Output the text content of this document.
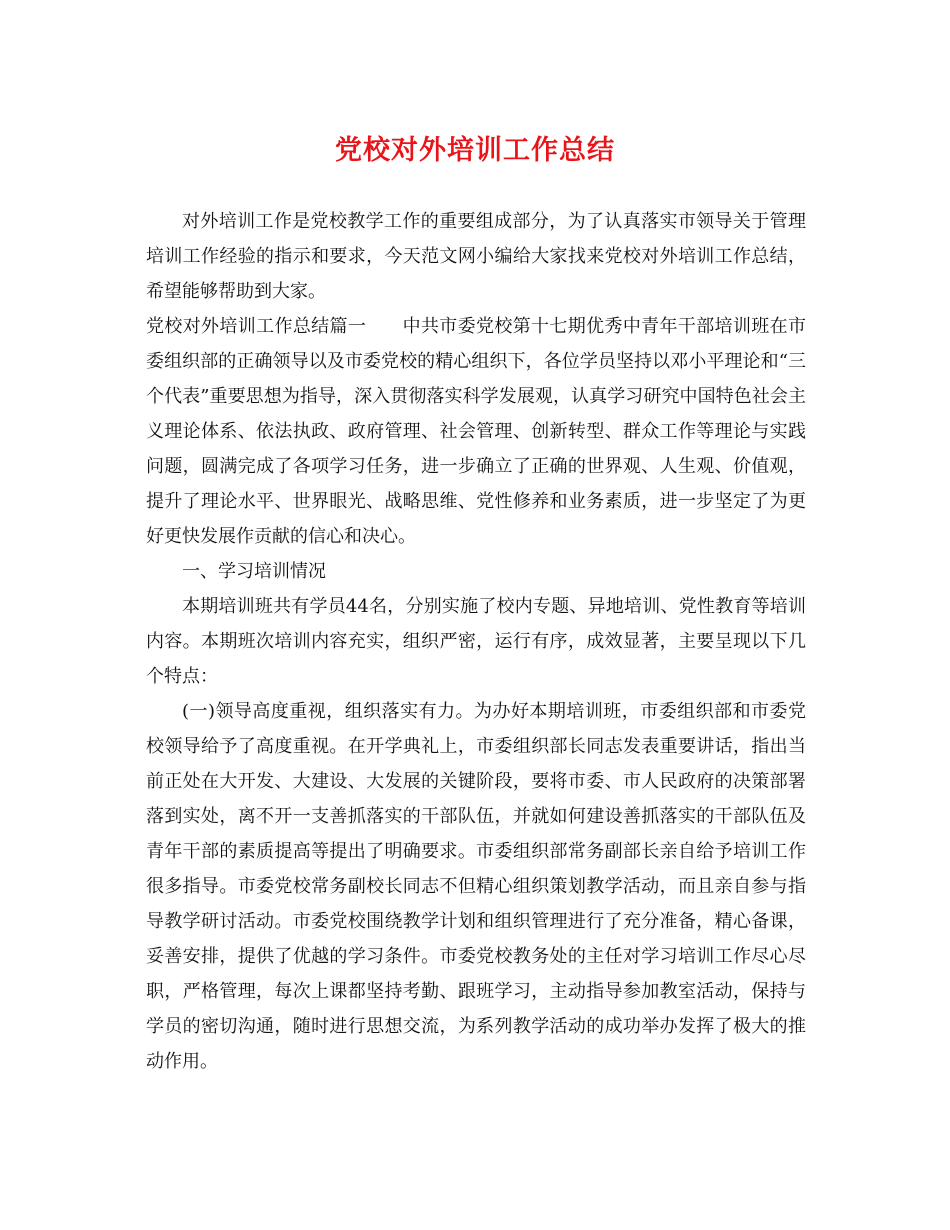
党校对外培训工作总结

对外培训工作是党校教学工作的重要组成部分，为了认真落实市领导关于管理培训工作经验的指示和要求，今天范文网小编给大家找来党校对外培训工作总结，希望能够帮助到大家。

党校对外培训工作总结篇一 中共市委党校第十七期优秀中青年干部培训班在市委组织部的正确领导以及市委党校的精心组织下，各位学员坚持以邓小平理论和“三个代表”重要思想为指导，深入贯彻落实科学发展观，认真学习研究中国特色社会主义理论体系、依法执政、政府管理、社会管理、创新转型、群众工作等理论与实践问题，圆满完成了各项学习任务，进一步确立了正确的世界观、人生观、价值观，提升了理论水平、世界眼光、战略思维、党性修养和业务素质，进一步坚定了为更好更快发展作贡献的信心和决心。

一、学习培训情况

本期培训班共有学员44名，分别实施了校内专题、异地培训、党性教育等培训内容。本期班次培训内容充实，组织严密，运行有序，成效显著，主要呈现以下几个特点：

(一)领导高度重视，组织落实有力。为办好本期培训班，市委组织部和市委党校领导给予了高度重视。在开学典礼上，市委组织部长同志发表重要讲话，指出当前正处在大开发、大建设、大发展的关键阶段，要将市委、市人民政府的决策部署落到实处，离不开一支善抓落实的干部队伍，并就如何建设善抓落实的干部队伍及青年干部的素质提高等提出了明确要求。市委组织部常务副部长亲自给予培训工作很多指导。市委党校常务副校长同志不但精心组织策划教学活动，而且亲自参与指导教学研讨活动。市委党校围绕教学计划和组织管理进行了充分准备，精心备课，妥善安排，提供了优越的学习条件。市委党校教务处的主任对学习培训工作尽心尽职，严格管理，每次上课都坚持考勤、跟班学习，主动指导参加教室活动，保持与学员的密切沟通，随时进行思想交流，为系列教学活动的成功举办发挥了极大的推动作用。
